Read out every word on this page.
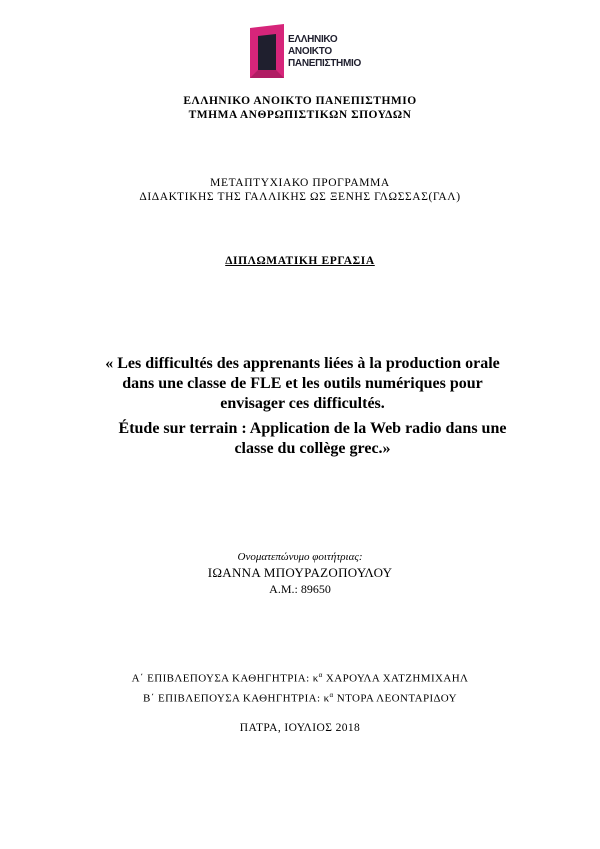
ΕΛΛΗΝΙΚΟ
ΑΝΟΙΚΤΟ
ΠΑΝΕΠΙΣΤΗΜΙΟ
ΕΛΛΗΝΙΚΟ ΑΝΟΙΚΤΟ ΠΑΝΕΠΙΣΤΗΜΙΟ
ΤΜΗΜΑ ΑΝΘΡΩΠΙΣΤΙΚΩΝ ΣΠΟΥΔΩΝ
ΜΕΤΑΠΤΥΧΙΑΚΟ ΠΡΟΓΡΑΜΜΑ
ΔΙΔΑΚΤΙΚΗΣ ΤΗΣ ΓΑΛΛΙΚΗΣ ΩΣ ΞΕΝΗΣ ΓΛΩΣΣΑΣ(ΓΑΛ)
ΔΙΠΛΩΜΑΤΙΚΗ ΕΡΓΑΣΙΑ

« Les difficultés des apprenants liées à la production orale dans une classe de FLE et les outils numériques pour envisager ces difficultés.

Étude sur terrain : Application de la Web radio dans une classe du collège grec.»

Ονοματεπώνυμο φοιτήτριας:
ΙΩΑΝΝΑ ΜΠΟΥΡΑΖΟΠΟΥΛΟΥ
Α.Μ.: 89650
Α΄ ΕΠΙΒΛΕΠΟΥΣΑ ΚΑΘΗΓΗΤΡΙΑ: $\kappa^\alpha$ ΧΑΡΟΥΛΑ ΧΑΤΖΗΜΙΧΑΗΛ
Β΄ ΕΠΙΒΛΕΠΟΥΣΑ ΚΑΘΗΓΗΤΡΙΑ: $\kappa^\alpha$ ΝΤΟΡΑ ΛΕΟΝΤΑΡΙΔΟΥ
ΠΑΤΡΑ, ΙΟΥΛΙΟΣ 2018
